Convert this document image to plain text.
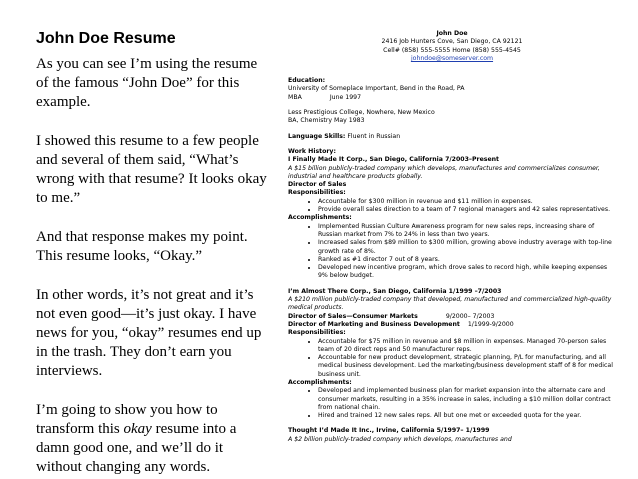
John Doe Resume

As you can see I’m using the resume of the famous “John Doe” for this example.

I showed this resume to a few people and several of them said, “What’s wrong with that resume? It looks okay to me.”

And that response makes my point. This resume looks, “Okay.”

In other words, it’s not great and it’s not even good—it’s just okay. I have news for you, “okay” resumes end up in the trash. They don’t earn you interviews.

I’m going to show you how to transform this okay resume into a damn good one, and we’ll do it without changing any words.

John Doe
2416 Job Hunters Cove, San Diego, CA 92121
Cell# (858) 555-5555 Home (858) 555-4545
johndoe@someserver.com
Education:
University of Someplace Important, Bend in the Road, PA
MBA	June 1997
Less Prestigious College, Nowhere, New Mexico
BA, Chemistry May 1983
Language Skills: Fluent in Russian
Work History:
I Finally Made It Corp., San Diego, California 7/2003–Present
A $15 billion publicly-traded company which develops, manufactures and commercializes consumer, industrial and healthcare products globally.
Director of Sales
Responsibilities:
• Accountable for $300 million in revenue and $11 million in expenses.
• Provide overall sales direction to a team of 7 regional managers and 42 sales representatives.
Accomplishments:
• Implemented Russian Culture Awareness program for new sales reps, increasing share of Russian market from 7% to 24% in less than two years.
• Increased sales from $89 million to $300 million, growing above industry average with top-line growth rate of 8%.
• Ranked as #1 director 7 out of 8 years.
• Developed new incentive program, which drove sales to record high, while keeping expenses 9% below budget.
I’m Almost There Corp., San Diego, California 1/1999 –7/2003
A $210 million publicly-traded company that developed, manufactured and commercialized high-quality medical products.
Director of Sales—Consumer Markets	9/2000– 7/2003
Director of Marketing and Business Development 1/1999-9/2000
Responsibilities:
• Accountable for $75 million in revenue and $8 million in expenses. Managed 70-person sales team of 20 direct reps and 50 manufacturer reps.
• Accountable for new product development, strategic planning, P/L for manufacturing, and all medical business development. Led the marketing/business development staff of 8 for medical business unit.
Accomplishments:
• Developed and implemented business plan for market expansion into the alternate care and consumer markets, resulting in a 35% increase in sales, including a $10 million dollar contract from national chain.
• Hired and trained 12 new sales reps. All but one met or exceeded quota for the year.
Thought I’d Made It Inc., Irvine, California 5/1997– 1/1999
A $2 billion publicly-traded company which develops, manufactures and
